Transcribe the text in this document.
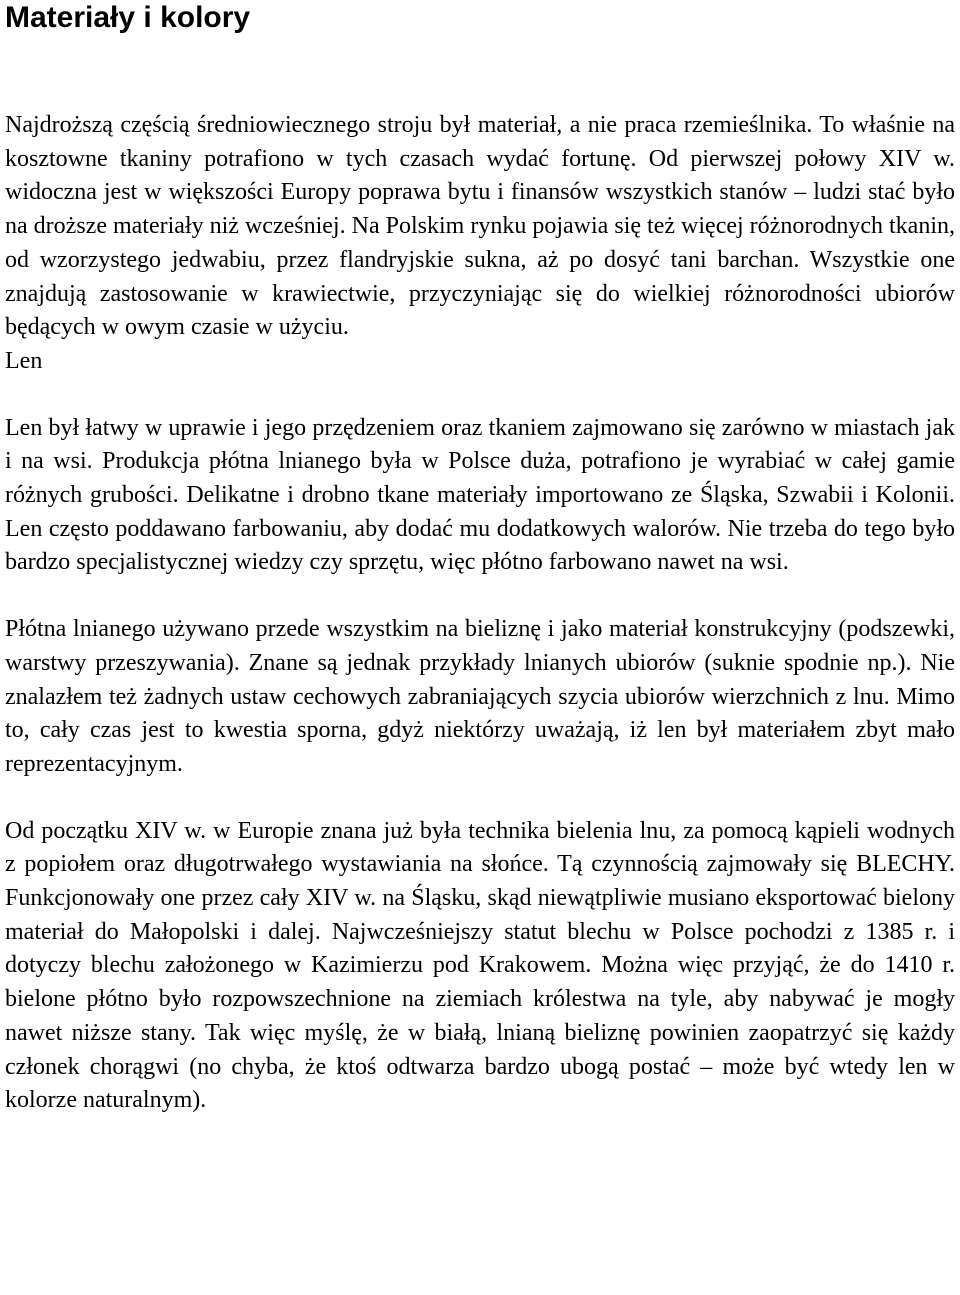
Materiały i kolory

Najdroższą częścią średniowiecznego stroju był materiał, a nie praca rzemieślnika. To właśnie na kosztowne tkaniny potrafiono w tych czasach wydać fortunę. Od pierwszej połowy XIV w. widoczna jest w większości Europy poprawa bytu i finansów wszystkich stanów – ludzi stać było na droższe materiały niż wcześniej. Na Polskim rynku pojawia się też więcej różnorodnych tkanin, od wzorzystego jedwabiu, przez flandryjskie sukna, aż po dosyć tani barchan. Wszystkie one znajdują zastosowanie w krawiectwie, przyczyniając się do wielkiej różnorodności ubiorów będących w owym czasie w użyciu.

Len

Len był łatwy w uprawie i jego przędzeniem oraz tkaniem zajmowano się zarówno w miastach jak i na wsi. Produkcja płótna lnianego była w Polsce duża, potrafiono je wyrabiać w całej gamie różnych grubości. Delikatne i drobno tkane materiały importowano ze Śląska, Szwabii i Kolonii. Len często poddawano farbowaniu, aby dodać mu dodatkowych walorów. Nie trzeba do tego było bardzo specjalistycznej wiedzy czy sprzętu, więc płótno farbowano nawet na wsi.

Płótna lnianego używano przede wszystkim na bieliznę i jako materiał konstrukcyjny (podszewki, warstwy przeszywania). Znane są jednak przykłady lnianych ubiorów (suknie spodnie np.). Nie znalazłem też żadnych ustaw cechowych zabraniających szycia ubiorów wierzchnich z lnu. Mimo to, cały czas jest to kwestia sporna, gdyż niektórzy uważają, iż len był materiałem zbyt mało reprezentacyjnym.

Od początku XIV w. w Europie znana już była technika bielenia lnu, za pomocą kąpieli wodnych z popiołem oraz długotrwałego wystawiania na słońce. Tą czynnością zajmowały się BLECHY. Funkcjonowały one przez cały XIV w. na Śląsku, skąd niewątpliwie musiano eksportować bielony materiał do Małopolski i dalej. Najwcześniejszy statut blechu w Polsce pochodzi z 1385 r. i dotyczy blechu założonego w Kazimierzu pod Krakowem. Można więc przyjąć, że do 1410 r. bielone płótno było rozpowszechnione na ziemiach królestwa na tyle, aby nabywać je mogły nawet niższe stany. Tak więc myślę, że w białą, lnianą bieliznę powinien zaopatrzyć się każdy członek chorągwi (no chyba, że ktoś odtwarza bardzo ubogą postać – może być wtedy len w kolorze naturalnym).
